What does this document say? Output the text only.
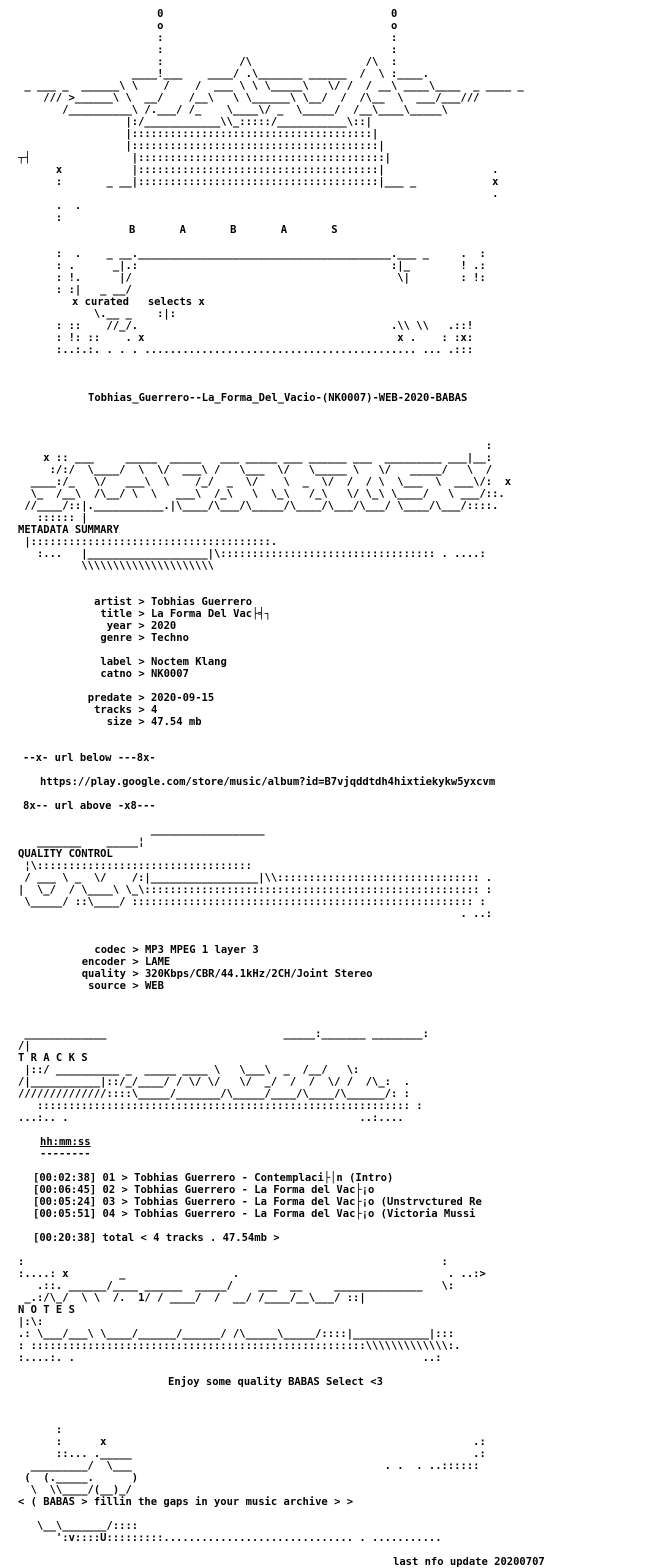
0                                    0
o                                    o
:                                    :
:                                    :
:            /\                  /\  :
____!___    ____/ .\_______ ______  /  \ :____.
_ ___ _  ______\ \    /    /  ___ \ \ \_____\   \/ /  / __\ ____\____  _ ____ _
/// >______\ \  __/    /__\   \ \______\ \__/  /  /\__  \  ___/___///
/__________\ /.___/ /_    \____\/ _  \_____/  /__\____\_____\
|:/____________\\_:::::/___________\::|
|::::::::::::::::::::::::::::::::::::::|
|:::::::::::::::::::::::::::::::::::::::|
┬┤                |:::::::::::::::::::::::::::::::::::::::|
x           |::::::::::::::::::::::::::::::::::::::|                 .
:       _ __|::::::::::::::::::::::::::::::::::::::|___ _            x
.
.  .
:
B       A       B       A       S

:  .    _ __.________________________________________.___ _     .  :
: .      _|.:                                        :|_        ! .:
: !.      |/                                          \|        : !:
: :|   _ __/
x curated   selects x
\.__ _    :|:
: ::    //_/.                                        .\\ \\   .::!
: !: ::    . x                                        x .    : :x:
:..:.:. . . . ........................................... ... .:::
Tobhias_Guerrero--La_Forma_Del_Vacio-(NK0007)-WEB-2020-BABAS
:
x :: ___     _____  _____   ___ _____ ___ ______ ___  _________ ___|__:
:/:/  \____/  \  \/  ___\ /   \___  \/   \_____ \   \/   _____/   \  /
____:/_   \/   ___\  \    /_/  _  \/    \  _  \/  /  / \  \___  \  ___\/:  x
\_  /__\  /\__/ \  \   ___\  /_\   \  \_\   /_\   \/ \_\ \____/   \ ___/::.
//____/::|.___________.|\____/\___/\_____/\____/\___/\___/ \____/\___/::::.
:::::: |
METADATA SUMMARY
|::::::::::::::::::::::::::::::::::::::.
:...   |___________________|\:::::::::::::::::::::::::::::::::: . ....:
\\\\\\\\\\\\\\\\\\\\\
artist > Tobhias Guerrero
title > La Forma Del Vac├╡┐
year > 2020
genre > Techno
label > Noctem Klang
catno > NK0007
predate > 2020-09-15
tracks > 4
size > 47.54 mb
--x- url below ---8x-
https://play.google.com/store/music/album?id=B7vjqddtdh4hixtiekykw5yxcvm
8x-- url above -x8---
__________________
_______    _____¦
QUALITY CONTROL
¦\::::::::::::::::::::::::::::::::::
/ ___ \ _  \/    /:|_________________|\\:::::::::::::::::::::::::::::::: .
|  \_/  / \____\ \_\::::::::::::::::::::::::::::::::::::::::::::::::::::: :
\_____/ ::\____/ :::::::::::::::::::::::::::::::::::::::::::::::::::::: :
. ..:
codec > MP3 MPEG 1 layer 3
encoder > LAME
quality > 320Kbps/CBR/44.1kHz/2CH/Joint Stereo
source > WEB
_____________                            _____:_______ ________:
/|
T R A C K S
|::/ __________ _  _____ ____ \   \___\  _  /__/   \:
/|___________|::/_/____/ / \/ \/   \/  _/  /  /  \/ /  /\_:  .
//////////////::::\_____/_______/\_____/____/\____/\______/: :
::::::::::::::::::::::::::::::::::::::::::::::::::::::::::: :
...:.. .                                              ..:....
hh:mm:ss
--------
[00:02:38] 01 > Tobhias Guerrero - Contemplaci├│n (Intro)
[00:06:45] 02 > Tobhias Guerrero - La Forma del Vac├¡o
[00:05:24] 03 > Tobhias Guerrero - La Forma del Vac├¡o (Unstrvctured Re
[00:05:51] 04 > Tobhias Guerrero - La Forma del Vac├¡o (Victoria Mussi
[00:20:38] total < 4 tracks . 47.54mb >
:                                                                  :
:....: x        _                 .                                 . ..:>
.::. ______/____ ______  _____/    ___  __     ______________   \:
_.:/\_/  \ \  /.  1/ / ____/  /  __/ /____/__\___/ ::|
N O T E S
|:\:
.: \___/___\ \____/______/______/ /\_____\_____/::::|____________|:::
: :::::::::::::::::::::::::::::::::::::::::::::::::::::\\\\\\\\\\\\\:.
:....:. .                                                       ..:
Enjoy some quality BABAS Select <3
:
:      x                                                          .:
::... ._____                                                      .:
_________/  \___                                        . .  . ..::::::
(  (._____.      )
\  \\____/(__)_/
< ( BABAS > fillin the gaps in your music archive > >

\__\_______/::::
':v::::U:::::::::.............................. . ...........
last nfo update 20200707
